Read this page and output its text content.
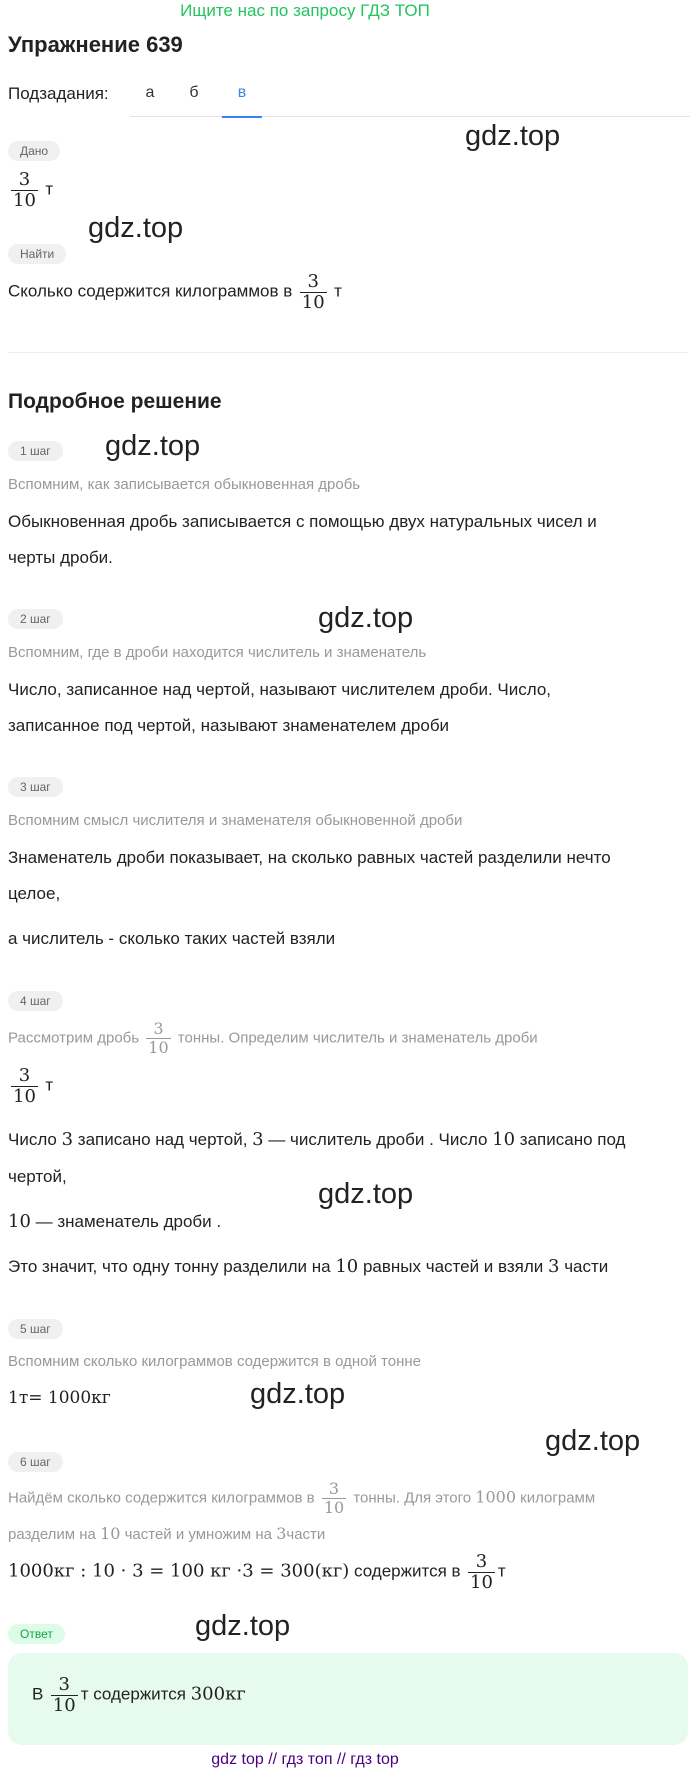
Ищите нас по запросу ГДЗ ТОП
Упражнение 639
Подзадания:	а	б	в
gdz.top
Дано
$\frac{3}{10}$ т
gdz.top
Найти
Сколько содержится килограммов в $\frac{3}{10}$ т
Подробное решение
1 шаг	gdz.top
Вспомним, как записывается обыкновенная дробь
Обыкновенная дробь записывается с помощью двух натуральных чисел и
черты дроби.
2 шаг	gdz.top
Вспомним, где в дроби находится числитель и знаменатель
Число, записанное над чертой, называют числителем дроби. Число,
записанное под чертой, называют знаменателем дроби
3 шаг
Вспомним смысл числителя и знаменателя обыкновенной дроби
Знаменатель дроби показывает, на сколько равных частей разделили нечто
целое,
а числитель - сколько таких частей взяли
4 шаг
Рассмотрим дробь $\frac{3}{10}$ тонны. Определим числитель и знаменатель дроби
$\frac{3}{10}$ т
Число 3 записано над чертой, 3 — числитель дроби . Число 10 записано под
чертой,
gdz.top
10 — знаменатель дроби .
Это значит, что одну тонну разделили на 10 равных частей и взяли 3 части
5 шаг
Вспомним сколько килограммов содержится в одной тонне
1т= 1000кг	gdz.top
gdz.top
6 шаг
Найдём сколько содержится килограммов в $\frac{3}{10}$ тонны. Для этого 1000 килограмм
разделим на 10 частей и умножим на 3части
1000кг : 10 · 3 = 100 кг ·3 = 300(кг) содержится в $\frac{3}{10}$ т
Ответ	gdz.top
В $\frac{3}{10}$ т содержится 300кг
gdz top // гдз топ // гдз top
